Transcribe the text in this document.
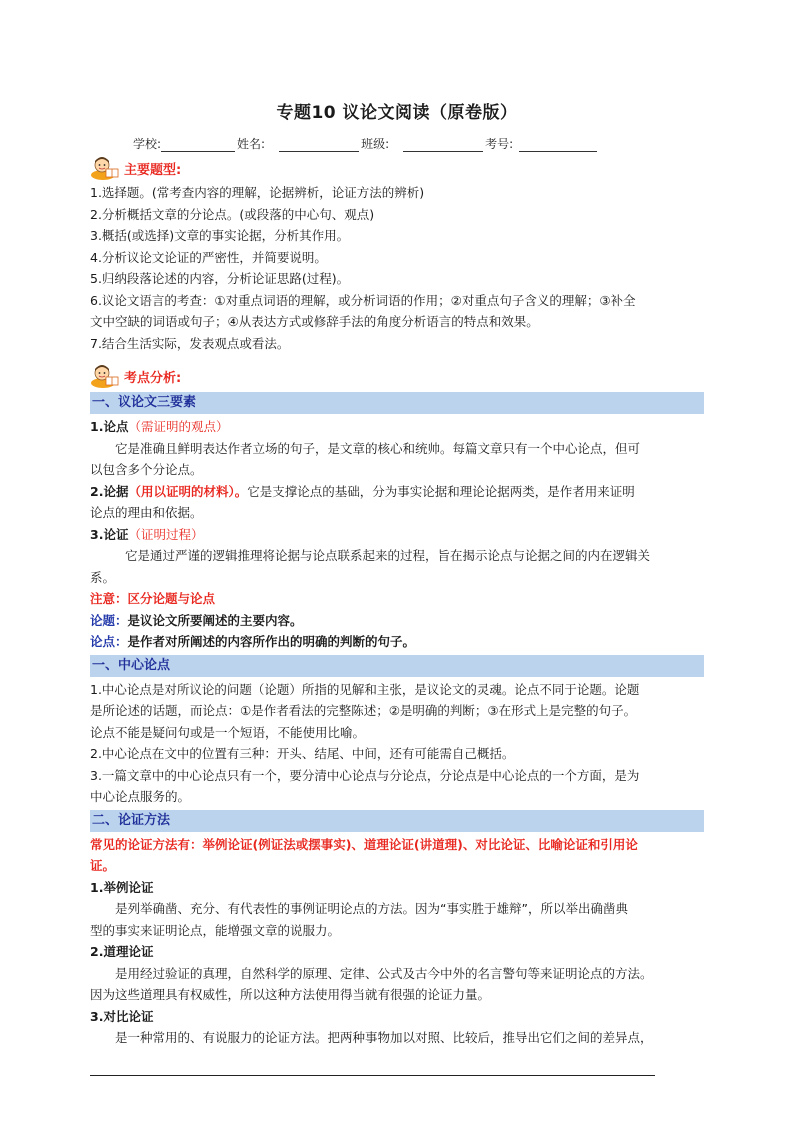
专题10 议论文阅读（原卷版）
学校:	姓名:	班级:	考号:
主要题型:

1.选择题。(常考查内容的理解，论据辨析，论证方法的辨析)

2.分析概括文章的分论点。(或段落的中心句、观点)

3.概括(或选择)文章的事实论据，分析其作用。

4.分析议论文论证的严密性，并简要说明。

5.归纳段落论述的内容，分析论证思路(过程)。

6.议论文语言的考查：①对重点词语的理解，或分析词语的作用；②对重点句子含义的理解；③补全

文中空缺的词语或句子；④从表达方式或修辞手法的角度分析语言的特点和效果。

7.结合生活实际，发表观点或看法。

考点分析:
一、议论文三要素

1.论点（需证明的观点）

它是准确且鲜明表达作者立场的句子，是文章的核心和统帅。每篇文章只有一个中心论点，但可

以包含多个分论点。

2.论据（用以证明的材料）。它是支撑论点的基础，分为事实论据和理论论据两类，是作者用来证明

论点的理由和依据。

3.论证（证明过程）

它是通过严谨的逻辑推理将论据与论点联系起来的过程，旨在揭示论点与论据之间的内在逻辑关

系。

注意：区分论题与论点

论题：是议论文所要阐述的主要内容。

论点：是作者对所阐述的内容所作出的明确的判断的句子。

一、中心论点

1.中心论点是对所议论的问题（论题）所指的见解和主张，是议论文的灵魂。论点不同于论题。论题

是所论述的话题，而论点：①是作者看法的完整陈述；②是明确的判断；③在形式上是完整的句子。

论点不能是疑问句或是一个短语，不能使用比喻。

2.中心论点在文中的位置有三种：开头、结尾、中间，还有可能需自己概括。

3.一篇文章中的中心论点只有一个，要分清中心论点与分论点，分论点是中心论点的一个方面，是为

中心论点服务的。

二、论证方法

常见的论证方法有：举例论证(例证法或摆事实)、道理论证(讲道理)、对比论证、比喻论证和引用论

证。

1.举例论证

是列举确凿、充分、有代表性的事例证明论点的方法。因为“事实胜于雄辩”，所以举出确凿典

型的事实来证明论点，能增强文章的说服力。

2.道理论证

是用经过验证的真理，自然科学的原理、定律、公式及古今中外的名言警句等来证明论点的方法。

因为这些道理具有权威性，所以这种方法使用得当就有很强的论证力量。

3.对比论证

是一种常用的、有说服力的论证方法。把两种事物加以对照、比较后，推导出它们之间的差异点，
